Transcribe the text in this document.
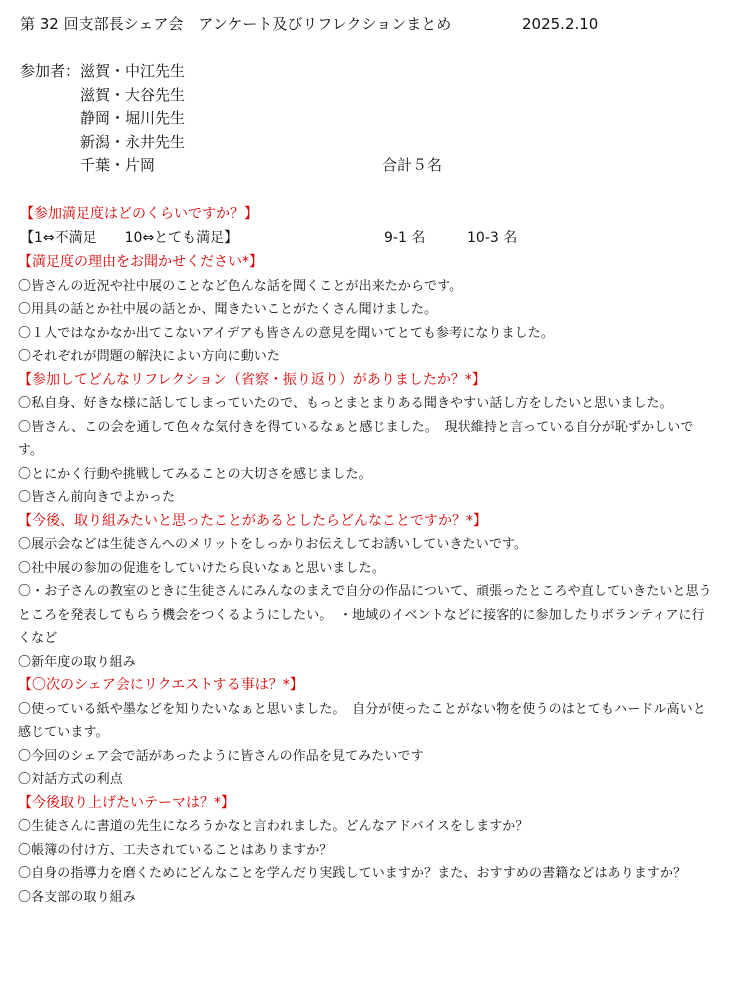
第 32 回支部長シェア会　アンケート及びリフレクションまとめ	2025.2.10
参加者： 滋賀・中江先生
滋賀・大谷先生
静岡・堀川先生
新潟・永井先生
千葉・片岡	合計５名
【参加満足度はどのくらいですか？】
【1⇔不満足　　10⇔とても満足】	9-1 名	10-3 名
【満足度の理由をお聞かせください*】
〇皆さんの近況や社中展のことなど色んな話を聞くことが出来たからです。
〇用具の話とか社中展の話とか、聞きたいことがたくさん聞けました。
〇１人ではなかなか出てこないアイデアも皆さんの意見を聞いてとても参考になりました。
〇それぞれが問題の解決によい方向に動いた
【参加してどんなリフレクション（省察・振り返り）がありましたか？*】
〇私自身、好きな様に話してしまっていたので、もっとまとまりある聞きやすい話し方をしたいと思いました。
〇皆さん、この会を通して色々な気付きを得ているなぁと感じました。　現状維持と言っている自分が恥ずかしいです。
〇とにかく行動や挑戦してみることの大切さを感じました。
〇皆さん前向きでよかった
【今後、取り組みたいと思ったことがあるとしたらどんなことですか？*】
〇展示会などは生徒さんへのメリットをしっかりお伝えしてお誘いしていきたいです。
〇社中展の参加の促進をしていけたら良いなぁと思いました。
〇・お子さんの教室のときに生徒さんにみんなのまえで自分の作品について、頑張ったところや直していきたいと思うところを発表してもらう機会をつくるようにしたい。　・地域のイベントなどに接客的に参加したりボランティアに行くなど
〇新年度の取り組み
【〇次のシェア会にリクエストする事は？*】
〇使っている紙や墨などを知りたいなぁと思いました。　自分が使ったことがない物を使うのはとてもハードル高いと感じています。
〇今回のシェア会で話があったように皆さんの作品を見てみたいです
〇対話方式の利点
【今後取り上げたいテーマは？*】
〇生徒さんに書道の先生になろうかなと言われました。どんなアドバイスをしますか？
〇帳簿の付け方、工夫されていることはありますか？
〇自身の指導力を磨くためにどんなことを学んだり実践していますか？また、おすすめの書籍などはありますか？
〇各支部の取り組み
